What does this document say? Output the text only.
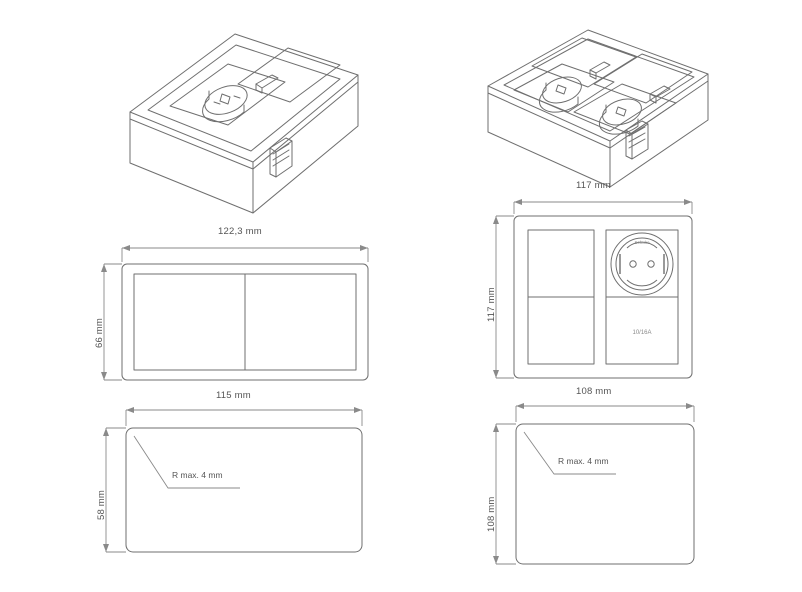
122,3 mm
66 mm
Schuko
10/16A
117 mm
117 mm
115 mm
58 mm
R max. 4 mm
108 mm
108 mm
R max. 4 mm
